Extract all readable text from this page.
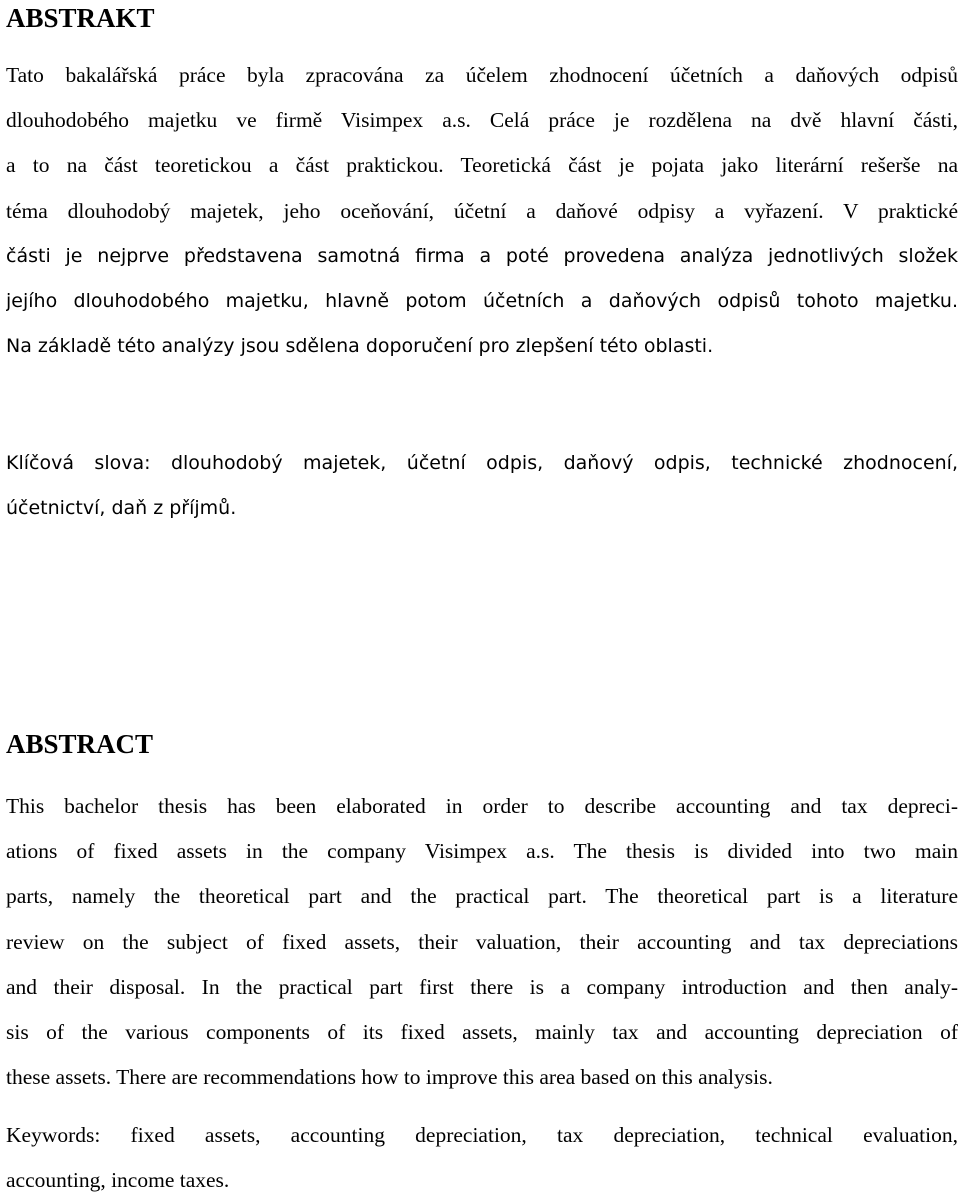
ABSTRAKT
Tato bakalářská práce byla zpracována za účelem zhodnocení účetních a daňových odpisů
dlouhodobého majetku ve firmě Visimpex a.s. Celá práce je rozdělena na dvě hlavní části,
a to na část teoretickou a část praktickou. Teoretická část je pojata jako literární rešerše na
téma dlouhodobý majetek, jeho oceňování, účetní a daňové odpisy a vyřazení. V praktické
části je nejprve představena samotná firma a poté provedena analýza jednotlivých složek
jejího dlouhodobého majetku, hlavně potom účetních a daňových odpisů tohoto majetku.
Na základě této analýzy jsou sdělena doporučení pro zlepšení této oblasti.
Klíčová slova: dlouhodobý majetek, účetní odpis, daňový odpis, technické zhodnocení,
účetnictví, daň z příjmů.
ABSTRACT
This bachelor thesis has been elaborated in order to describe accounting and tax depreci-
ations of fixed assets in the company Visimpex a.s. The thesis is divided into two main
parts, namely the theoretical part and the practical part. The theoretical part is a literature
review on the subject of fixed assets, their valuation, their accounting and tax depreciations
and their disposal. In the practical part first there is a company introduction and then analy-
sis of the various components of its fixed assets, mainly tax and accounting depreciation of
these assets. There are recommendations how to improve this area based on this analysis.
Keywords: fixed assets, accounting depreciation, tax depreciation, technical evaluation,
accounting, income taxes.
